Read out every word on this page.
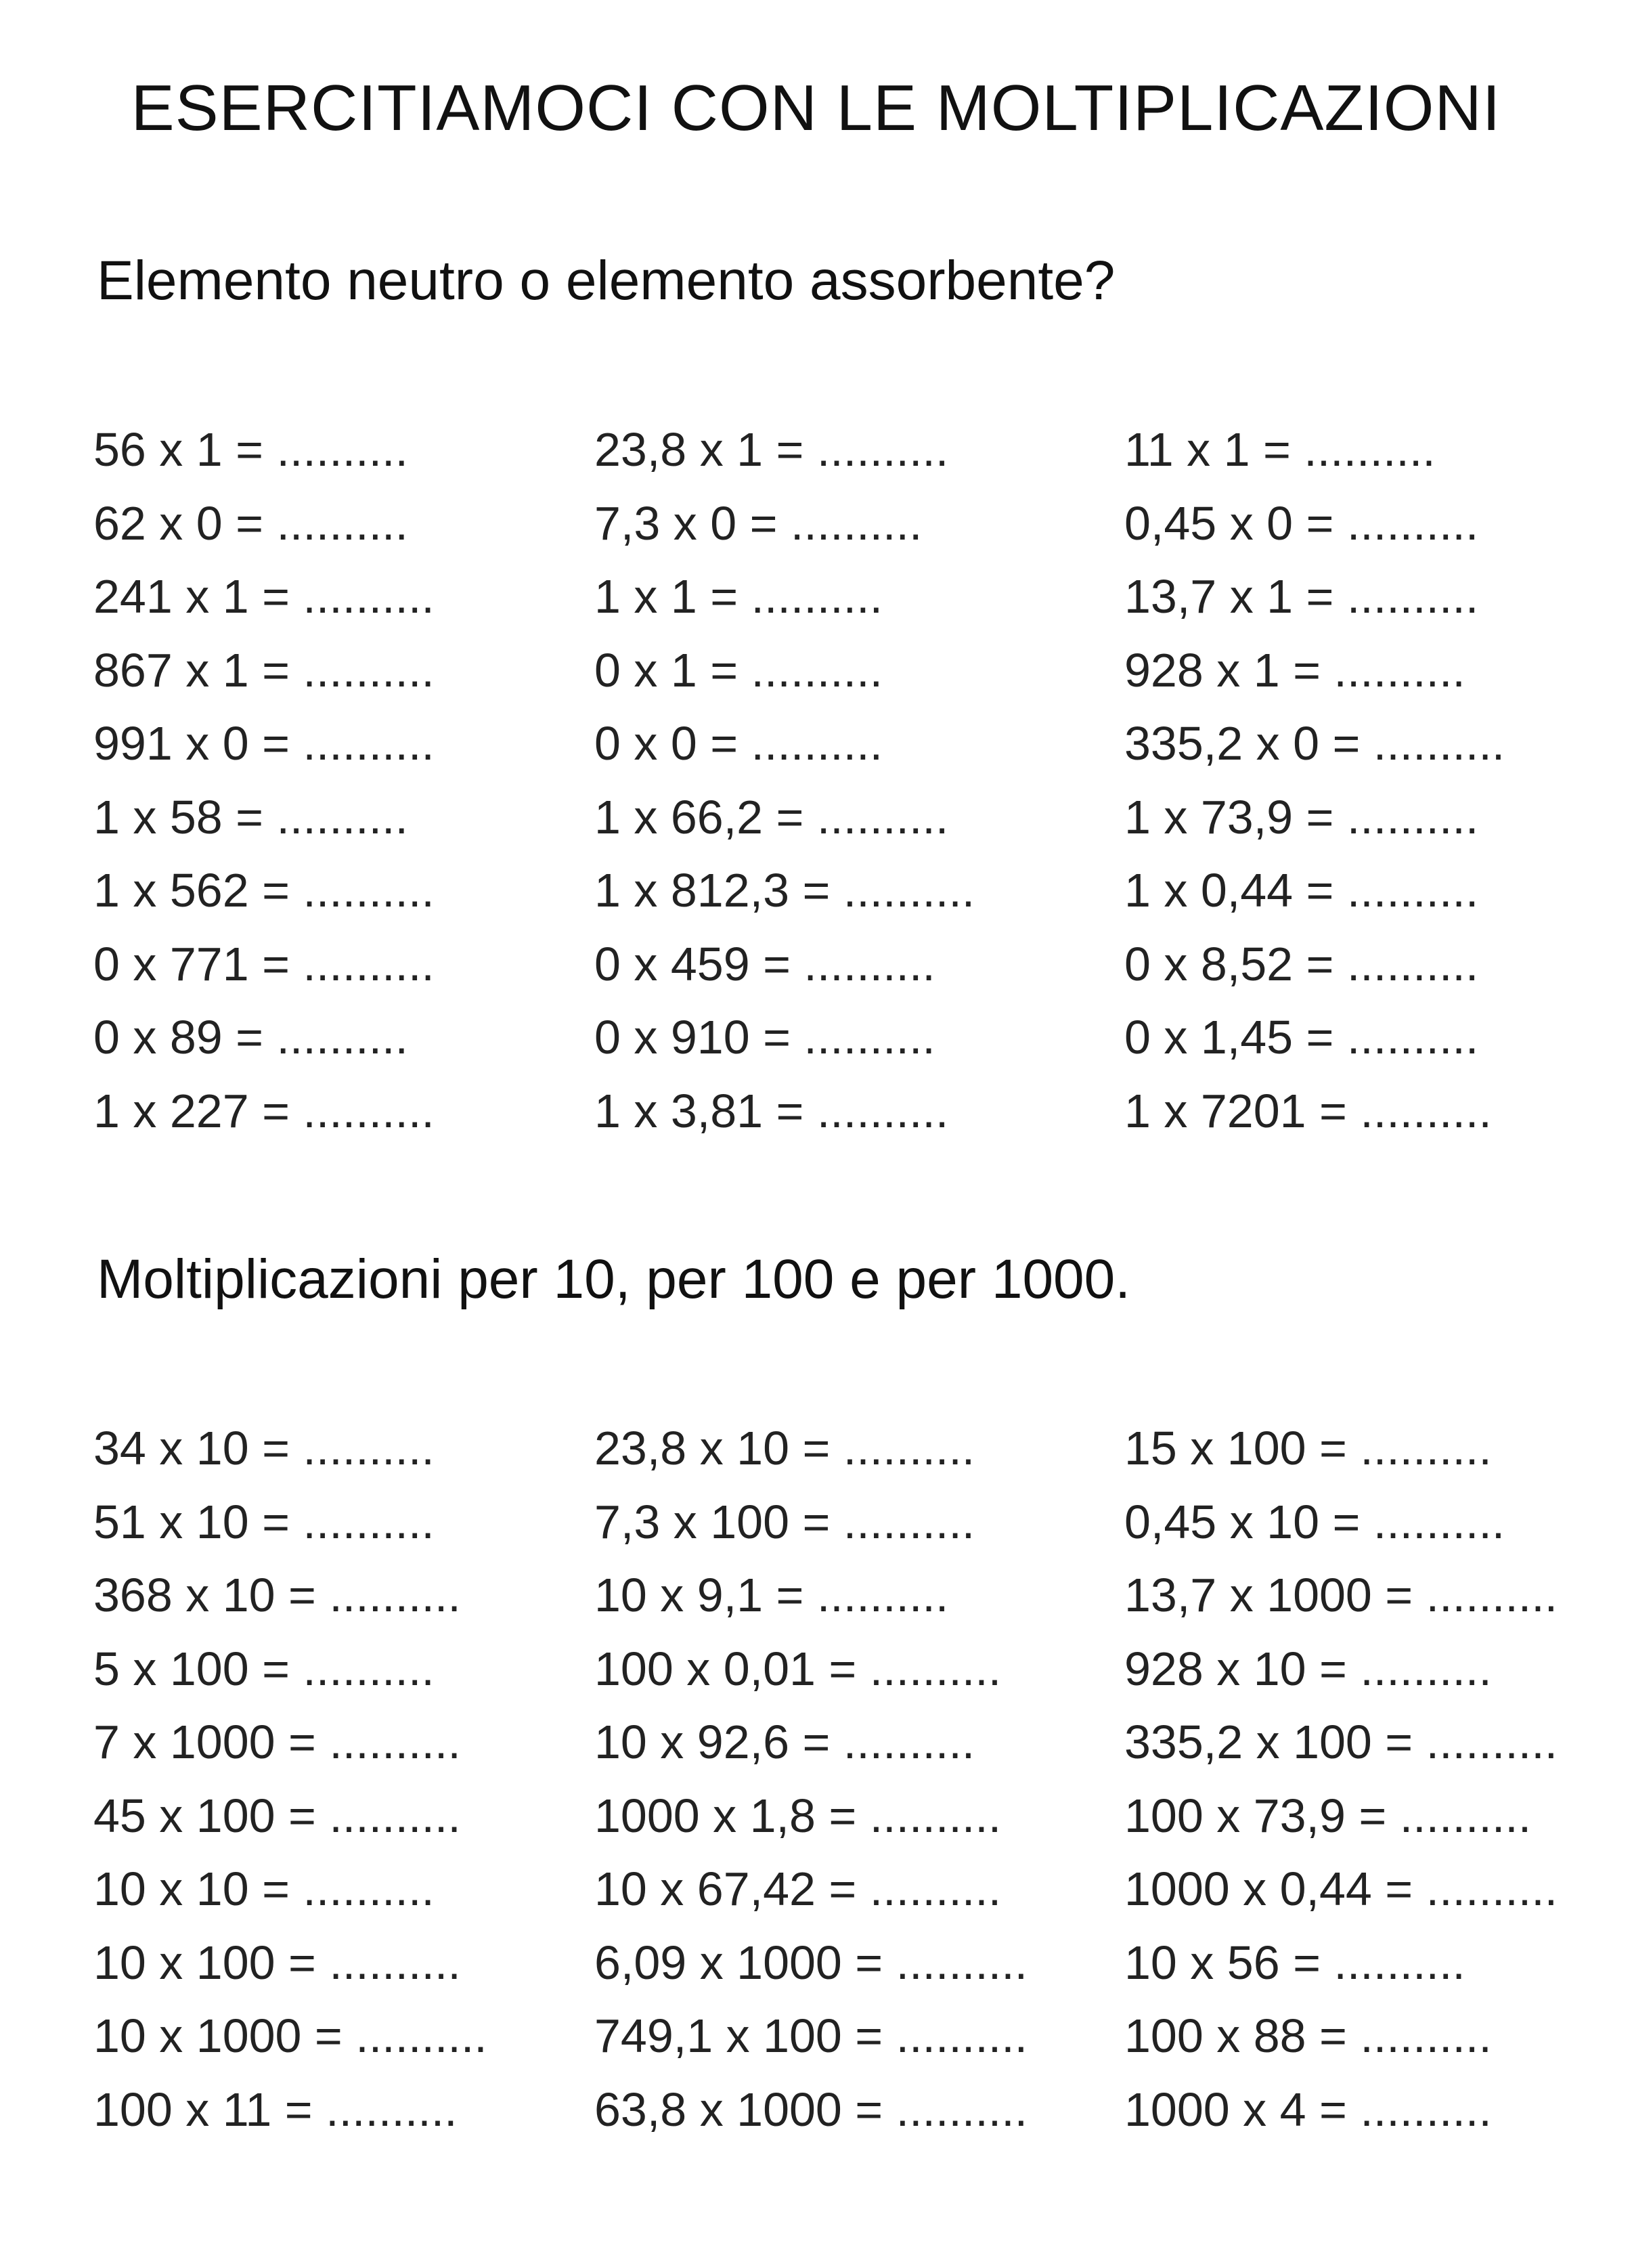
ESERCITIAMOCI CON LE MOLTIPLICAZIONI
Elemento neutro o elemento assorbente?
56 x 1 = ..........
62 x 0 = ..........
241 x 1 = ..........
867 x 1 = ..........
991 x 0 = ..........
1 x 58 = ..........
1 x 562 = ..........
0 x 771 = ..........
0 x 89 = ..........
1 x 227 = ..........
23,8 x 1 = ..........
7,3 x 0 = ..........
1 x 1 = ..........
0 x 1 = ..........
0 x 0 = ..........
1 x 66,2 = ..........
1 x 812,3 = ..........
0 x 459 = ..........
0 x 910 = ..........
1 x 3,81 = ..........
11 x 1 = ..........
0,45 x 0 = ..........
13,7 x 1 = ..........
928 x 1 = ..........
335,2 x 0 = ..........
1 x 73,9 = ..........
1 x 0,44 = ..........
0 x 8,52 = ..........
0 x 1,45 = ..........
1 x 7201 = ..........
Moltiplicazioni per 10, per 100 e per 1000.
34 x 10 = ..........
51 x 10 = ..........
368 x 10 = ..........
5 x 100 = ..........
7 x 1000 = ..........
45 x 100 = ..........
10 x 10 = ..........
10 x 100 = ..........
10 x 1000 = ..........
100 x 11 = ..........
23,8 x 10 = ..........
7,3 x 100 = ..........
10 x 9,1 = ..........
100 x 0,01 = ..........
10 x 92,6 = ..........
1000 x 1,8 = ..........
10 x 67,42 = ..........
6,09 x 1000 = ..........
749,1 x 100 = ..........
63,8 x 1000 = ..........
15 x 100 = ..........
0,45 x 10 = ..........
13,7 x 1000 = ..........
928 x 10 = ..........
335,2 x 100 = ..........
100 x 73,9 = ..........
1000 x 0,44 = ..........
10 x 56 = ..........
100 x 88 = ..........
1000 x 4 = ..........
